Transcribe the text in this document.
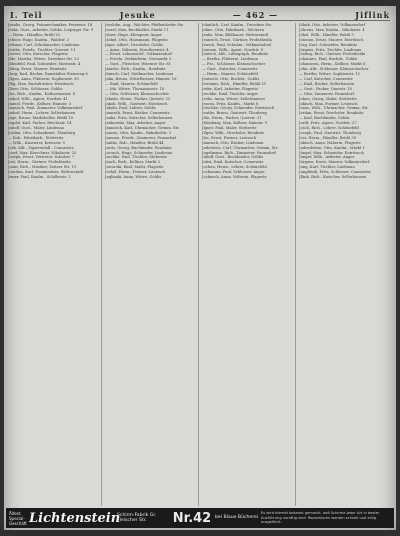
I. Teil	Jesuke	— 462 —	Jiflink
Jesuke, Georg, Feinmechaniker, Petersstr. 18
Jeske, Gust., Arbeiter, Gohlis, Leipziger Str. 9
— Herm., Händler, Brühl 52
Jeßner, Hugo, Kaufm., Waldstr. 2
Jettmar, Carl, Schuhmacher, Lindenau
Jeuthe, Friedr., Tischler, Querstr. 11
Jewert, Otto, Kutscher, Plagwitz
Jhle, Martha, Witwe, Dresdner Str. 23
Jhlenfeld, Paul, Schneider, Moritzstr. 4
Jhling, Ernst, Maurer, Reudnitz
Jhrig, Karl, Bäcker, Ranstädter Steinweg 6
Jllgen, Anna, Plätterin, Sophienstr. 30
Jllig, Max, Buchdrucker, Eutritzsch
Jllner, Otto, Schlosser, Gohlis
Jlse, Rich., Kaufm., Katharinenstr. 8
Jmhof, Wilh., Agent, Nordstr. 41
Jmmel, Friedr., Kellner, Hainstr. 3
Jmmisch, Paul, Zimmerer, Volkmarsdorf
Jndorf, Herm., Lehrer, Sellerhausen
Jnge, Bruno, Markthelfer, Brühl 10
Jngold, Karl, Packer, Reichsstr. 14
Jnhoff, Gust., Maler, Lindenau
Jordan, Otto, Schankwirt, Thonberg
— Rob., Fabrikarb., Stötteritz
— Wilh., Kassierer, Kreuzstr. 5
Jork, Alfr., Zigarrenhdl., Connewitz
Josef, Max, Kürschner, Nikolaistr. 22
Joseph, Ernst, Vertreter, Schulstr. 7
Jost, Herm., Gärtner, Probstheida
Jouin, Rich., Musiker, Zeitzer Str. 19
Jourdan, Karl, Posamentier, Südvorstadt
Jrmer, Paul, Kaufm., Schillerstr. 2
Jserlohn, Aug., Wächter, Pfaffendorfer Str.
Jsrael, Max, Buchhalter, Markt 11
Jttner, Hugo, Klempner, Anger
Jäckel, Otto, Hausmann, Plagwitz
Jäger, Albert, Drechsler, Gohlis
— Anna, Näherin, Dorotheenstr. 4
— Ernst, Lokomotivf., Volkmarsdorf
— Frieda, Verkäuferin, Neumarkt 5
— Gust., Fleischer, Wurzner Str. 61
Jänicke, Rich., Kaufm., Reudnitz
Jänisch, Carl, Stellmacher, Lindenau
Jahn, Bruno, Schriftsetzer, Hainstr. 16
— Emil, Maurer, Schönefeld
— Ida, Witwe, Thomasiusstr. 10
— Otto, Schlosser, Kleinzschocher
Jahnke, Herm., Packer, Querstr. 22
Jakob, Wilh., Gastwirt, Eutritzsch
Jakobi, Paul, Lehrer, Gohlis
Jamrath, Ernst, Bäcker, Connewitz
Janke, Fritz, Kutscher, Sellerhausen
Jankowski, Max, Arbeiter, Anger
Jannasch, Karl, Uhrmacher, Grimm. Str.
Jansen, Otto, Kaufm., Bahnhofstr. 3
Janssen, Friedr., Zimmerer, Paunsdorf
Jantke, Rob., Händler, Brühl 44
Jaritz, Georg, Buchbinder, Reudnitz
Jarosch, Hugo, Schneider, Lindenau
Jaschke, Paul, Tischler, Stötteritz
Jauch, Rich., Kellner, Markt 2
Jaworski, Emil, Maler, Plagwitz
Jeckel, Herm., Former, Leutzsch
Jeglinski, Anna, Witwe, Gohlis
Jehmlich, Carl, Kaufm., Dresdner Str.
Jehne, Otto, Fabrikarb., Möckern
Jenke, Max, Bildhauer, Südvorstadt
Jennrich, Ernst, Gärtner, Probstheida
Jensch, Paul, Schuhm., Volkmarsdorf
Jenssen, Wilh., Agent, Nordstr. 9
Jentsch, Alfr., Lithograph, Reudnitz
— Bertha, Plätterin, Lindenau
— Frz., Schlosser, Kleinzschocher
— Gust., Kutscher, Connewitz
— Herm., Maurer, Schönefeld
Jentzsch, Otto, Buchdr., Gohlis
Jeremias, Rich., Händler, Brühl 21
Jerke, Karl, Arbeiter, Plagwitz
Jeschke, Emil, Tischler, Anger
Jeske, Anna, Witwe, Sellerhausen
Jessen, Fritz, Kaufm., Markt 8
Jetschke, Georg, Schneider, Eutritzsch
Jeuthe, Bruno, Gastwirt, Thonberg
Jhle, Herm., Packer, Querstr. 31
Jhlenburg, Max, Kellner, Hainstr. 9
Jlgner, Paul, Maler, Stötteritz
Jllgen, Wilh., Drechsler, Reudnitz
Jlse, Ernst, Former, Leutzsch
Jmmisch, Otto, Bäcker, Lindenau
Jnderwies, Carl, Uhrmacher, Grimm. Str.
Jngelmann, Rich., Zimmerer, Paunsdorf
Jnhoff, Gust., Buchbinder, Gohlis
Jobst, Emil, Kutscher, Connewitz
Jochen, Herm., Lehrer, Schönefeld
Jochmann, Paul, Schlosser, Anger
Jockusch, Anna, Näherin, Plagwitz
Jöhnk, Otto, Arbeiter, Volkmarsdorf
Jöhrens, Max, Kaufm., Nikolaistr. 4
Jökel, Wilh., Händler, Brühl 3
Jönsson, Ernst, Maurer, Eutritzsch
Jörg, Karl, Schneider, Reudnitz
Jörgens, Fritz, Tischler, Lindenau
Jösting, Rich., Gärtner, Probstheida
Johannes, Paul, Buchdr., Gohlis
Johannsen, Herm., Kellner, Markt 6
John, Alfr., Schlosser, Kleinzschocher
— Bertha, Witwe, Sophienstr. 12
— Carl, Kutscher, Connewitz
— Emil, Bäcker, Sellerhausen
— Gust., Packer, Querstr. 18
— Otto, Zimmerer, Paunsdorf
Johne, Georg, Maler, Stötteritz
Jokisch, Max, Former, Leutzsch
Jonas, Wilh., Uhrmacher, Grimm. Str.
Jordan, Ernst, Drechsler, Reudnitz
— Karl, Buchbinder, Gohlis
Jordt, Fritz, Agent, Nordstr. 27
Josch, Rich., Lehrer, Schönefeld
Joseph, Paul, Gastwirt, Thonberg
Jost, Herm., Händler, Brühl 30
Jubisch, Anna, Näherin, Plagwitz
Judersleben, Otto, Kaufm., Markt 1
Jüngel, Max, Schneider, Eutritzsch
Jünger, Wilh., Arbeiter, Anger
Jürgens, Ernst, Maurer, Volkmarsdorf
Jung, Karl, Tischler, Lindenau
Jungbluth, Fritz, Schlosser, Connewitz
Jflink, Rich., Kutscher, Sellerhausen
Ältest. Spezial-Geschäft Lichtenstein
Schirm-Fabrik Gr. Fleischer Str.	Nr.42 bei Blaue Bücherei
Es wird hiermit bekannt gemacht, daß Schirme jeder Art in bester Ausführung vorrätig sind. Reparaturen werden schnell und billig ausgeführt.
